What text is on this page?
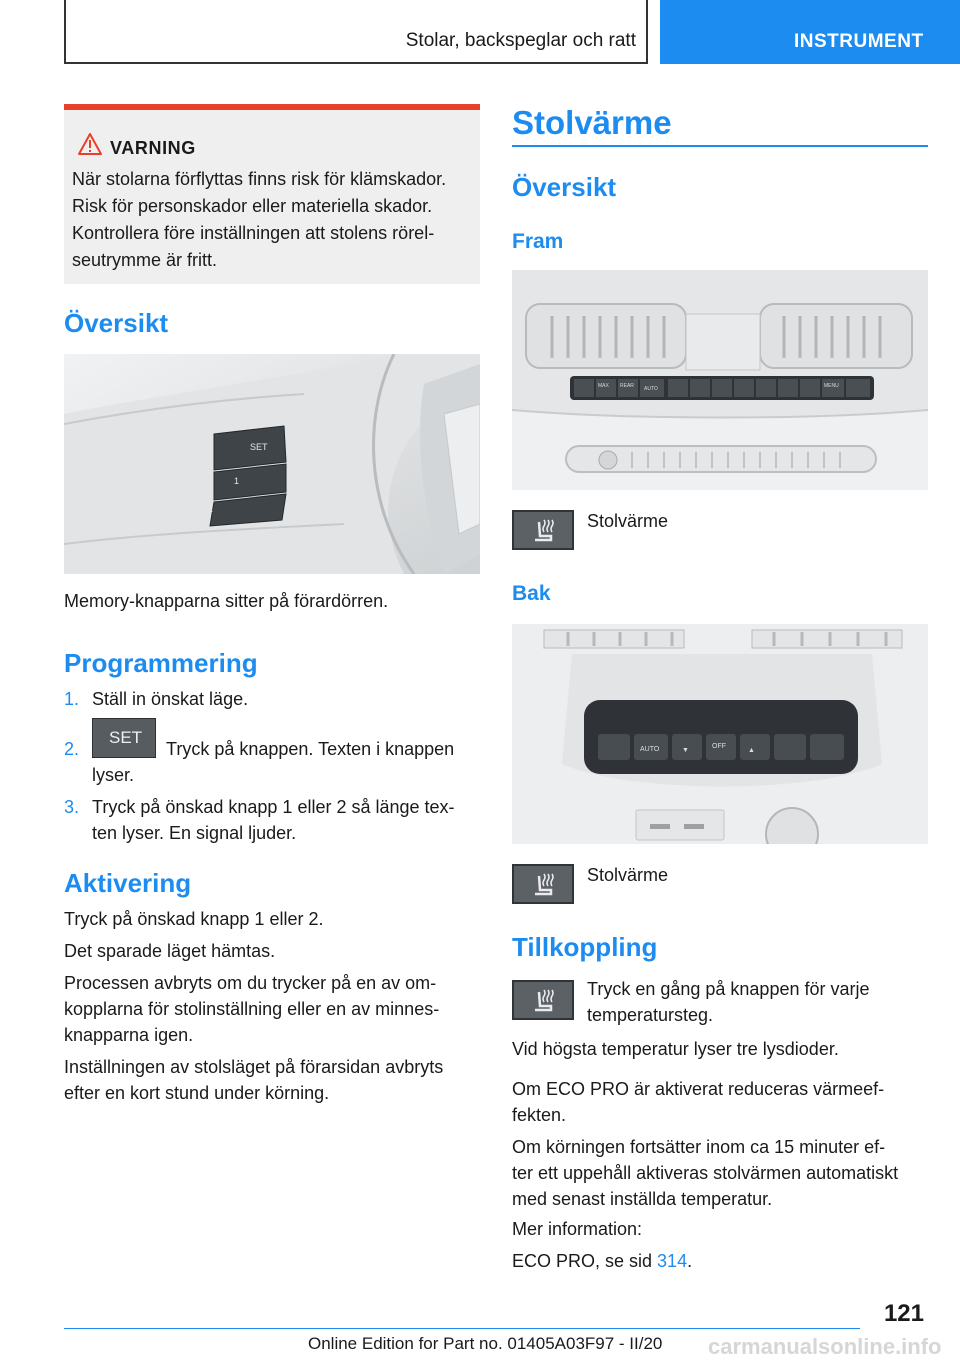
Stolar, backspeglar och ratt	INSTRUMENT
VARNING
När stolarna förflyttas finns risk för klämskador.
Risk för personskador eller materiella skador.
Kontrollera före inställningen att stolens rörel-
seutrymme är fritt.
Översikt
SET
1
2
Memory-knapparna sitter på förardörren.
Programmering
1. Ställ in önskat läge.
2.
SET
Tryck på knappen. Texten i knappen
lyser.
3. Tryck på önskad knapp 1 eller 2 så länge tex-
ten lyser. En signal ljuder.
Aktivering
Tryck på önskad knapp 1 eller 2.
Det sparade läget hämtas.
Processen avbryts om du trycker på en av om-
kopplarna för stolinställning eller en av minnes-
knapparna igen.
Inställningen av stolsläget på förarsidan avbryts
efter en kort stund under körning.
Stolvärme
Översikt
Fram
MAX REAR AUTO	MENU
Stolvärme
Bak
AUTO	OFF
▼	▲
Stolvärme
Tillkoppling
Tryck en gång på knappen för varje
temperatursteg.
Vid högsta temperatur lyser tre lysdioder.
Om ECO PRO är aktiverat reduceras värmeef-
fekten.
Om körningen fortsätter inom ca 15 minuter ef-
ter ett uppehåll aktiveras stolvärmen automatiskt
med senast inställda temperatur.
Mer information:
ECO PRO, se sid 314.
121
Online Edition for Part no. 01405A03F97 - II/20 carmanualsonline.info
